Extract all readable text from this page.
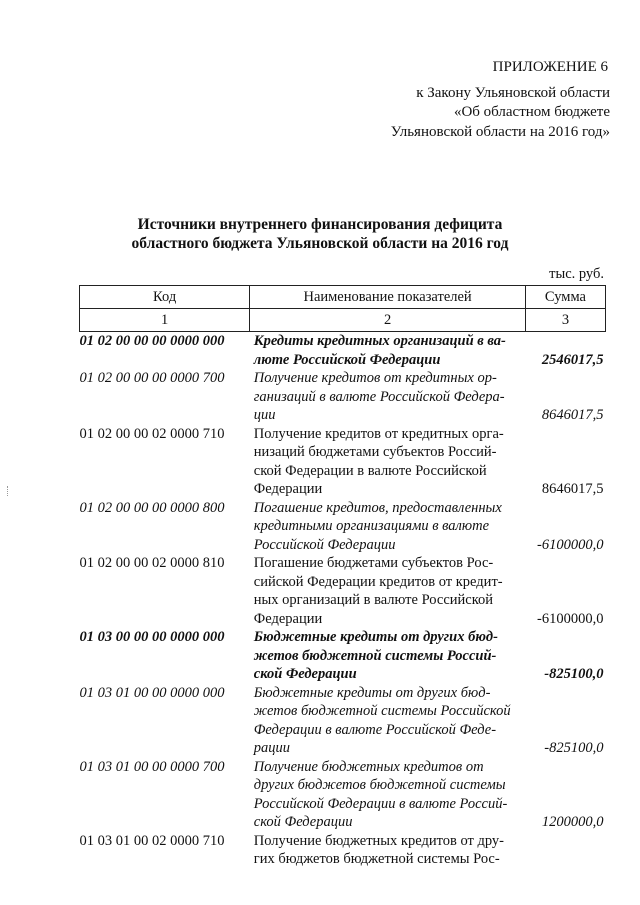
ПРИЛОЖЕНИЕ 6
к Закону Ульяновской области
«Об областном бюджете
Ульяновской области на 2016 год»
Источники внутреннего финансирования дефицита
областного бюджета Ульяновской области на 2016 год
тыс. руб.
Код	Наименование показателей	Сумма
1	2	3
01 02 00 00 00 0000 000	Кредиты кредитных организаций в ва-
люте Российской Федерации	2546017,5
01 02 00 00 00 0000 700	Получение кредитов от кредитных ор-
ганизаций в валюте Российской Федера-
ции	8646017,5
01 02 00 00 02 0000 710	Получение кредитов от кредитных орга-
низаций бюджетами субъектов Россий-
ской Федерации в валюте Российской
Федерации	8646017,5
01 02 00 00 00 0000 800	Погашение кредитов, предоставленных
кредитными организациями в валюте
Российской Федерации	-6100000,0
01 02 00 00 02 0000 810	Погашение бюджетами субъектов Рос-
сийской Федерации кредитов от кредит-
ных организаций в валюте Российской
Федерации	-6100000,0
01 03 00 00 00 0000 000	Бюджетные кредиты от других бюд-
жетов бюджетной системы Россий-
ской Федерации	-825100,0
01 03 01 00 00 0000 000	Бюджетные кредиты от других бюд-
жетов бюджетной системы Российской
Федерации в валюте Российской Феде-
рации	-825100,0
01 03 01 00 00 0000 700	Получение бюджетных кредитов от
других бюджетов бюджетной системы
Российской Федерации в валюте Россий-
ской Федерации	1200000,0
01 03 01 00 02 0000 710	Получение бюджетных кредитов от дру-
гих бюджетов бюджетной системы Рос-	
